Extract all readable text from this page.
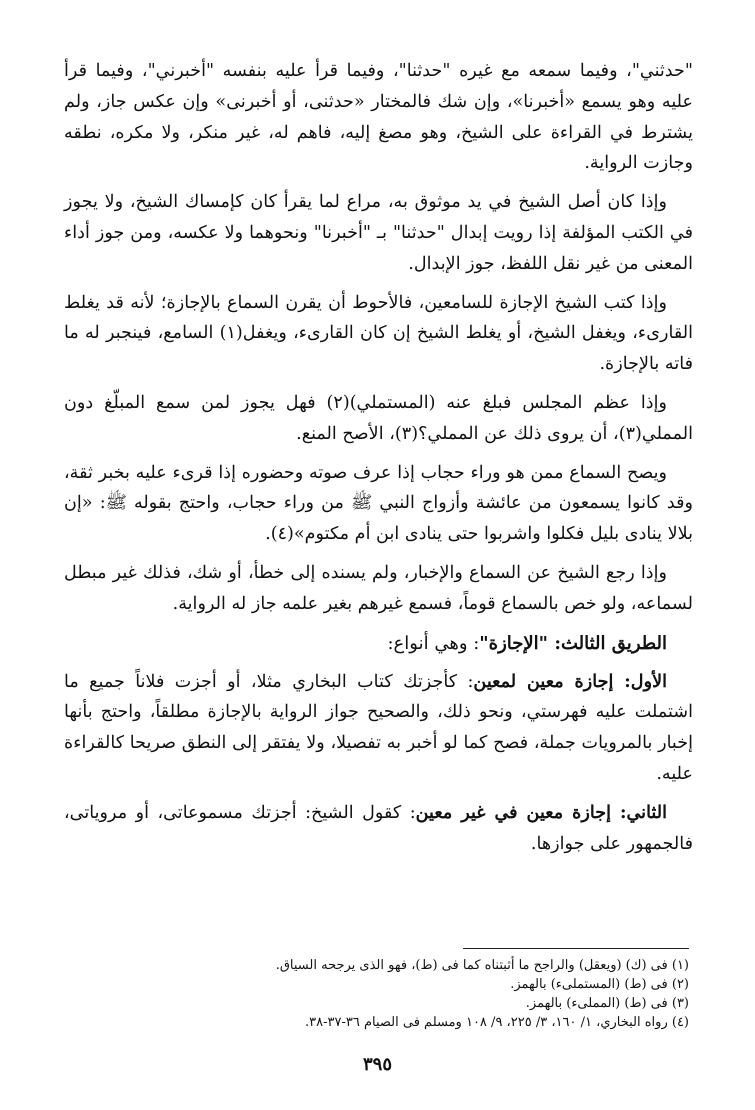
"حدثني"، وفيما سمعه مع غيره "حدثنا"، وفيما قرأ عليه بنفسه "أخبرني"، وفيما قرأ عليه وهو يسمع «أخبرنا»، وإن شك فالمختار «حدثنى، أو أخبرنى» وإن عكس جاز، ولم يشترط في القراءة على الشيخ، وهو مصغ إليه، فاهم له، غير منكر، ولا مكره، نطقه وجازت الرواية.

وإذا كان أصل الشيخ في يد موثوق به، مراع لما يقرأ كان كإمساك الشيخ، ولا يجوز في الكتب المؤلفة إذا رويت إبدال "حدثنا" بـ "أخبرنا" ونحوهما ولا عكسه، ومن جوز أداء المعنى من غير نقل اللفظ، جوز الإبدال.

وإذا كتب الشيخ الإجازة للسامعين، فالأحوط أن يقرن السماع بالإجازة؛ لأنه قد يغلط القارىء، ويغفل الشيخ، أو يغلط الشيخ إن كان القارىء، ويغفل(١) السامع، فينجبر له ما فاته بالإجازة.

وإذا عظم المجلس فبلغ عنه (المستملي)(٢) فهل يجوز لمن سمع المبلّغ دون المملي(٣)، أن يروى ذلك عن المملي؟(٣)، الأصح المنع.

ويصح السماع ممن هو وراء حجاب إذا عرف صوته وحضوره إذا قرىء عليه بخبر ثقة، وقد كانوا يسمعون من عائشة وأزواج النبي ﷺ من وراء حجاب، واحتج بقوله ﷺ: «إن بلالا ينادى بليل فكلوا واشربوا حتى ينادى ابن أم مكتوم»(٤).

وإذا رجع الشيخ عن السماع والإخبار، ولم يسنده إلى خطأ، أو شك، فذلك غير مبطل لسماعه، ولو خص بالسماع قوماً، فسمع غيرهم بغير علمه جاز له الرواية.

الطريق الثالث: "الإجازة": وهي أنواع:

الأول: إجازة معين لمعين: كأجزتك كتاب البخاري مثلا، أو أجزت فلاناً جميع ما اشتملت عليه فهرستي، ونحو ذلك، والصحيح جواز الرواية بالإجازة مطلقاً، واحتج بأنها إخبار بالمرويات جملة، فصح كما لو أخبر به تفصيلا، ولا يفتقر إلى النطق صريحا كالقراءة عليه.

الثاني: إجازة معين في غير معين: كقول الشيخ: أجزتك مسموعاتى، أو مروياتى، فالجمهور على جوازها.

(١) فى (ك) (ويعقل) والراجح ما أثبتناه كما فى (ط)، فهو الذى يرجحه السياق.
(٢) فى (ط) (المستملىء) بالهمز.
(٣) فى (ط) (المملىء) بالهمز.
(٤) رواه البخاري، ١/ ١٦٠، ٣/ ٢٢٥، ٩/ ١٠٨ ومسلم فى الصيام ٣٦-٣٧-٣٨.
٣٩٥
